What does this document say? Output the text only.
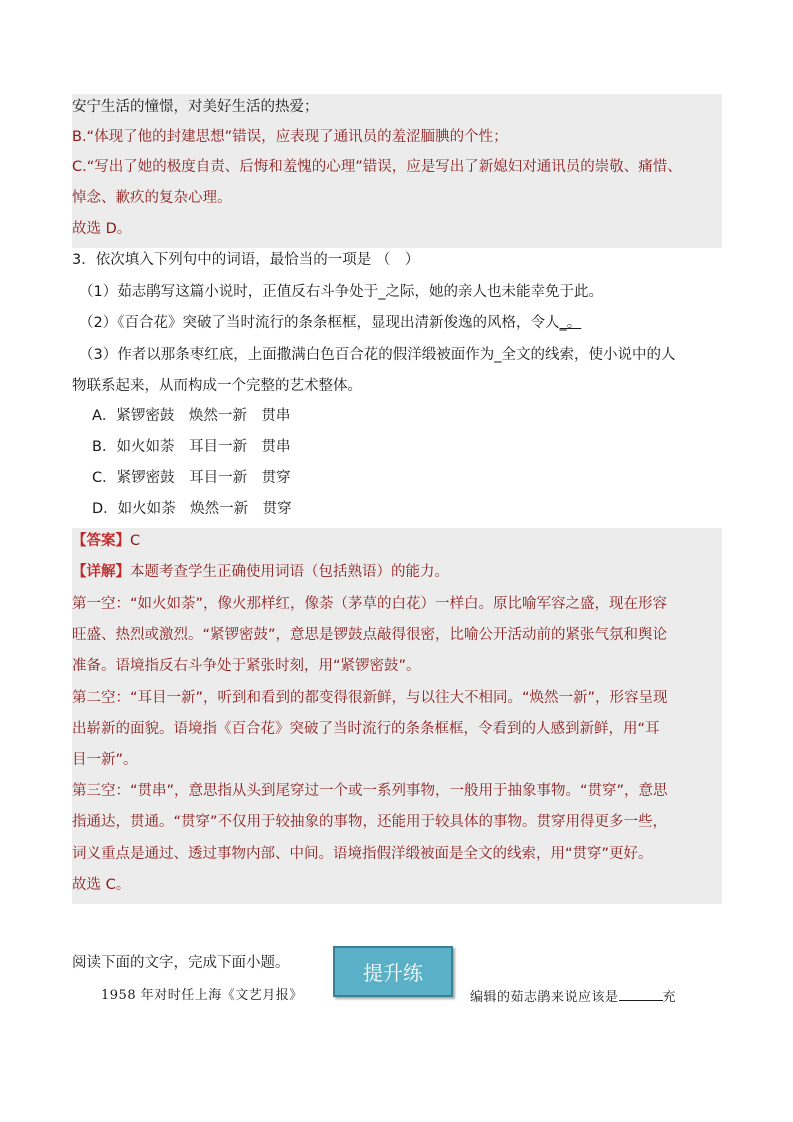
安宁生活的憧憬，对美好生活的热爱；
B.“体现了他的封建思想”错误，应表现了通讯员的羞涩腼腆的个性；
C.“写出了她的极度自责、后悔和羞愧的心理”错误，应是写出了新媳妇对通讯员的崇敬、痛惜、
悼念、歉疚的复杂心理。
故选 D。
3．依次填入下列句中的词语，最恰当的一项是 （　）
（1）茹志鹃写这篇小说时，正值反右斗争处于_之际，她的亲人也未能幸免于此。
（2）《百合花》突破了当时流行的条条框框，显现出清新俊逸的风格，令人_。
（3）作者以那条枣红底，上面撒满白色百合花的假洋缎被面作为_全文的线索，使小说中的人
物联系起来，从而构成一个完整的艺术整体。
A．紧锣密鼓　焕然一新　贯串
B．如火如荼　耳目一新　贯串
C．紧锣密鼓　耳目一新　贯穿
D．如火如荼　焕然一新　贯穿
【答案】C
【详解】本题考查学生正确使用词语（包括熟语）的能力。
第一空：“如火如荼”，像火那样红，像荼（茅草的白花）一样白。原比喻军容之盛，现在形容
旺盛、热烈或激烈。“紧锣密鼓”，意思是锣鼓点敲得很密，比喻公开活动前的紧张气氛和舆论
准备。语境指反右斗争处于紧张时刻，用“紧锣密鼓”。
第二空：“耳目一新”，听到和看到的都变得很新鲜，与以往大不相同。“焕然一新”，形容呈现
出崭新的面貌。语境指《百合花》突破了当时流行的条条框框，令看到的人感到新鲜，用“耳
目一新”。
第三空：“贯串”，意思指从头到尾穿过一个或一系列事物，一般用于抽象事物。“贯穿”，意思
指通达，贯通。“贯穿”不仅用于较抽象的事物，还能用于较具体的事物。贯穿用得更多一些，
词义重点是通过、透过事物内部、中间。语境指假洋缎被面是全文的线索，用“贯穿”更好。
故选 C。
阅读下面的文字，完成下面小题。	提升练
1958 年对时任上海《文艺月报》	编辑的茹志鹃来说应该是	充
